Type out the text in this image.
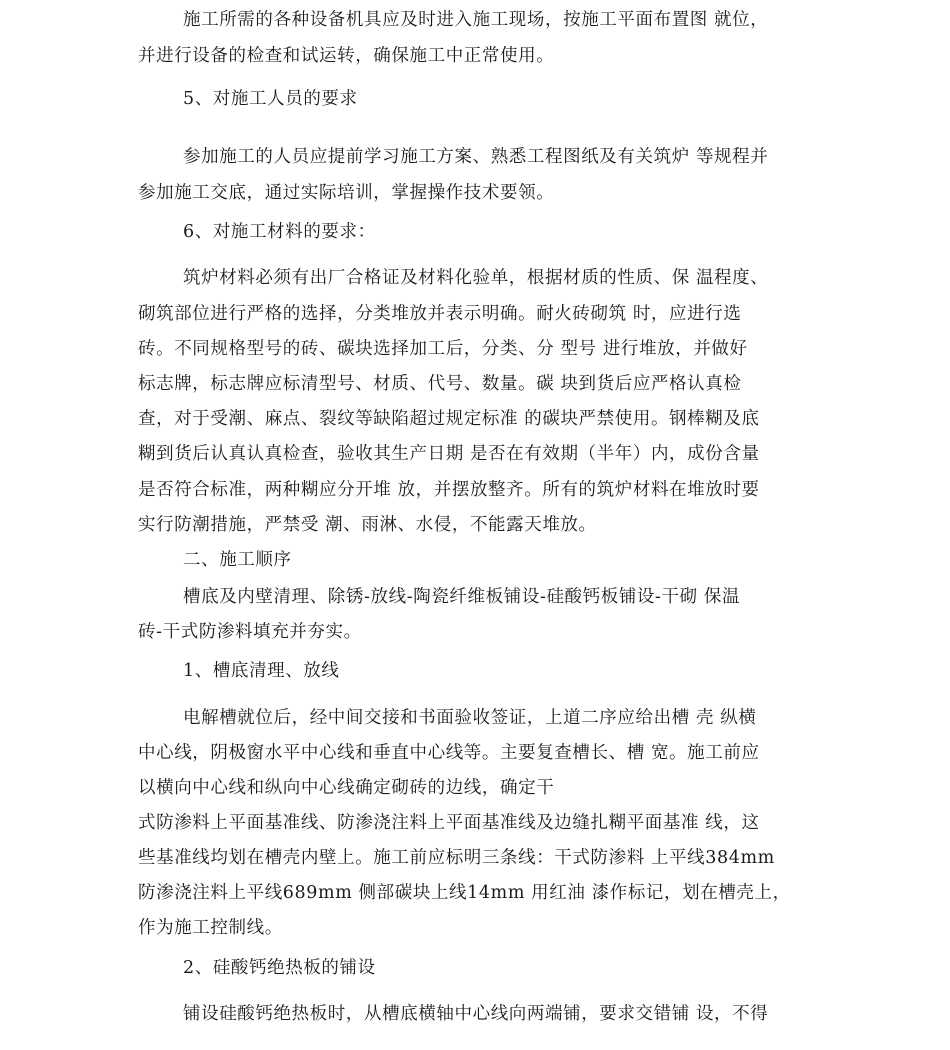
施工所需的各种设备机具应及时进入施工现场，按施工平面布置图 就位，
并进行设备的检查和试运转，确保施工中正常使用。
5、对施工人员的要求
参加施工的人员应提前学习施工方案、熟悉工程图纸及有关筑炉 等规程并
参加施工交底，通过实际培训，掌握操作技术要领。
6、对施工材料的要求：
筑炉材料必须有出厂合格证及材料化验单，根据材质的性质、保 温程度、
砌筑部位进行严格的选择，分类堆放并表示明确。耐火砖砌筑 时，应进行选
砖。不同规格型号的砖、碳块选择加工后，分类、分 型号 进行堆放，并做好
标志牌，标志牌应标清型号、材质、代号、数量。碳 块到货后应严格认真检
查，对于受潮、麻点、裂纹等缺陷超过规定标准 的碳块严禁使用。钢棒糊及底
糊到货后认真认真检查，验收其生产日期 是否在有效期（半年）内，成份含量
是否符合标准，两种糊应分开堆 放，并摆放整齐。所有的筑炉材料在堆放时要
实行防潮措施，严禁受 潮、雨淋、水侵，不能露天堆放。
二、施工顺序
槽底及内壁清理、除锈-放线-陶瓷纤维板铺设-硅酸钙板铺设-干砌 保温
砖-干式防渗料填充并夯实。
1、槽底清理、放线
电解槽就位后，经中间交接和书面验收签证，上道二序应给出槽 壳 纵横
中心线，阴极窗水平中心线和垂直中心线等。主要复查槽长、槽 宽。施工前应
以横向中心线和纵向中心线确定砌砖的边线，确定干
式防渗料上平面基准线、防渗浇注料上平面基准线及边缝扎糊平面基准 线，这
些基准线均划在槽壳内壁上。施工前应标明三条线：干式防渗料 上平线384mm
防渗浇注料上平线689mm 侧部碳块上线14mm 用红油 漆作标记，划在槽壳上，
作为施工控制线。
2、硅酸钙绝热板的铺设
铺设硅酸钙绝热板时，从槽底横轴中心线向两端铺，要求交错铺 设，不得
